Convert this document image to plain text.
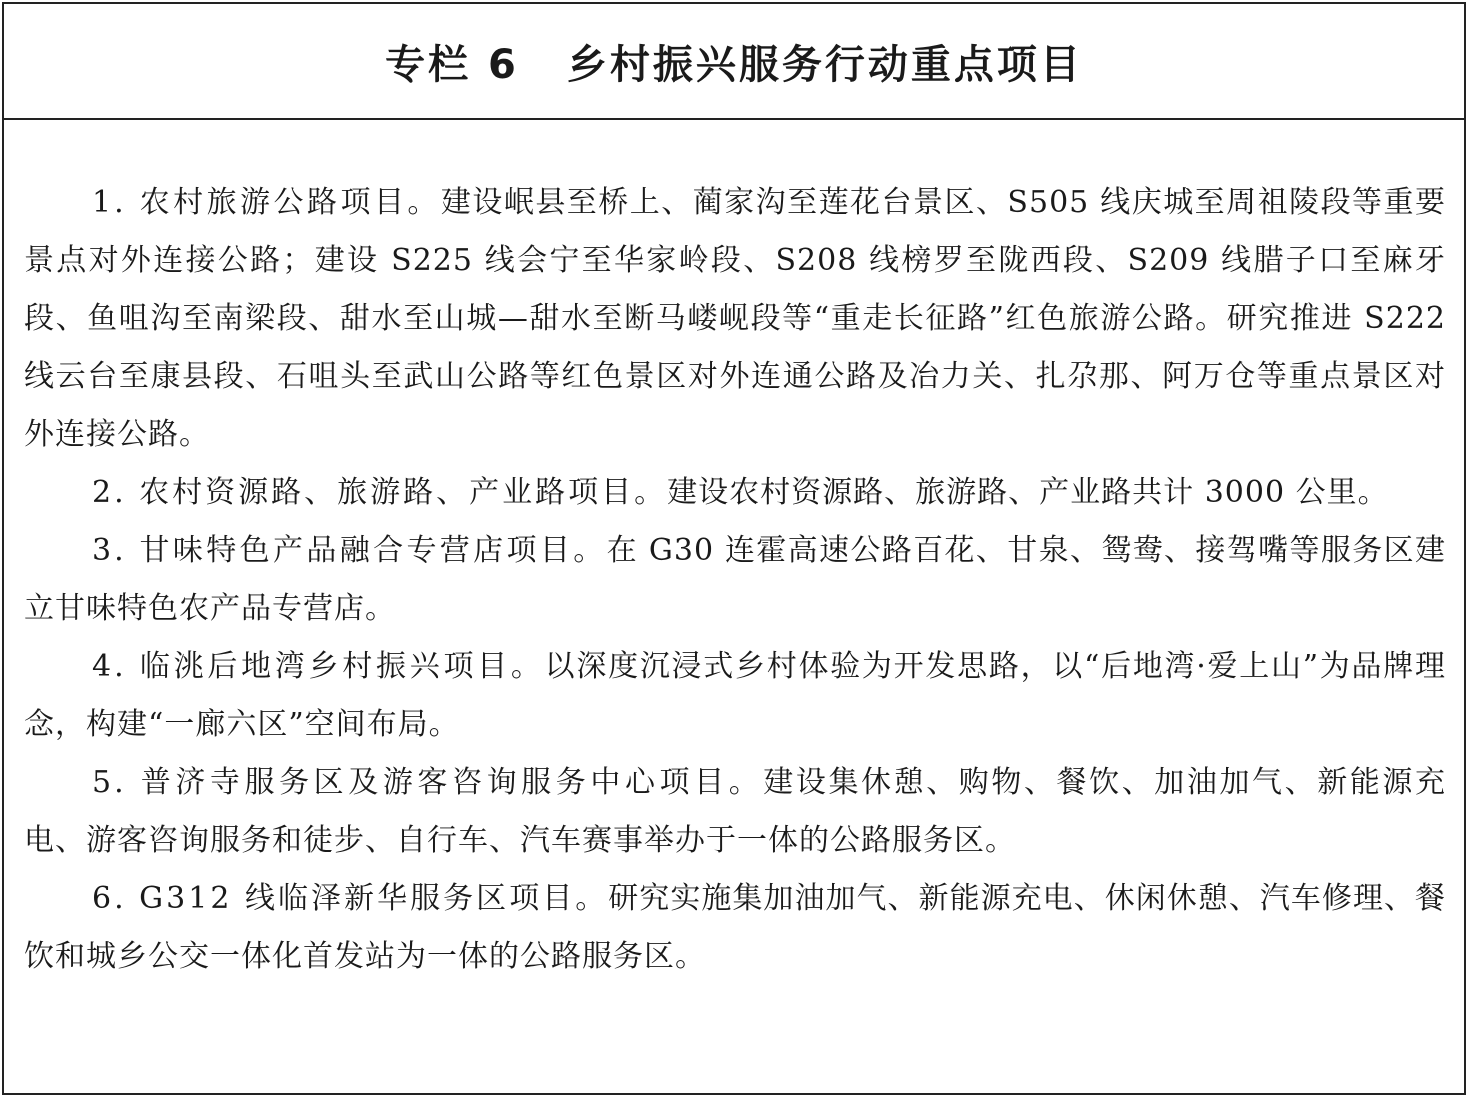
专栏 6 乡村振兴服务行动重点项目

1. 农村旅游公路项目。建设岷县至桥上、蔺家沟至莲花台景区、S505 线庆城至周祖陵段等重要景点对外连接公路；建设 S225 线会宁至华家岭段、S208 线榜罗至陇西段、S209 线腊子口至麻牙段、鱼咀沟至南梁段、甜水至山城—甜水至断马嵝岘段等“重走长征路”红色旅游公路。研究推进 S222 线云台至康县段、石咀头至武山公路等红色景区对外连通公路及冶力关、扎尕那、阿万仓等重点景区对外连接公路。

2. 农村资源路、旅游路、产业路项目。建设农村资源路、旅游路、产业路共计 3000 公里。

3. 甘味特色产品融合专营店项目。在 G30 连霍高速公路百花、甘泉、鸳鸯、接驾嘴等服务区建立甘味特色农产品专营店。

4. 临洮后地湾乡村振兴项目。以深度沉浸式乡村体验为开发思路，以“后地湾·爱上山”为品牌理念，构建“一廊六区”空间布局。

5. 普济寺服务区及游客咨询服务中心项目。建设集休憩、购物、餐饮、加油加气、新能源充电、游客咨询服务和徒步、自行车、汽车赛事举办于一体的公路服务区。

6. G312 线临泽新华服务区项目。研究实施集加油加气、新能源充电、休闲休憩、汽车修理、餐饮和城乡公交一体化首发站为一体的公路服务区。
